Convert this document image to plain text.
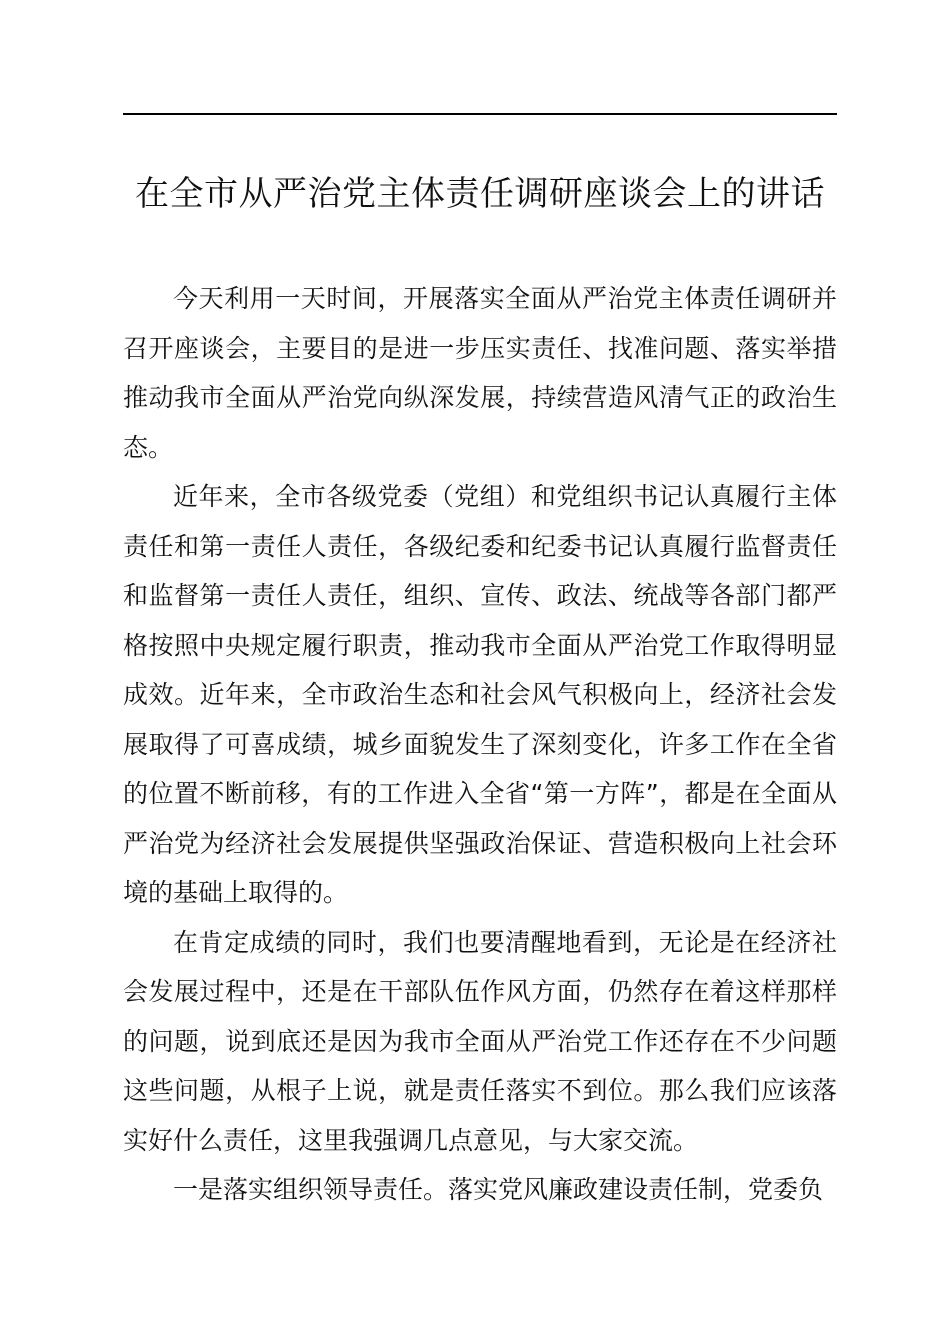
在全市从严治党主体责任调研座谈会上的讲话

今天利用一天时间，开展落实全面从严治党主体责任调研并召开座谈会，主要目的是进一步压实责任、找准问题、落实举措推动我市全面从严治党向纵深发展，持续营造风清气正的政治生态。

近年来，全市各级党委（党组）和党组织书记认真履行主体责任和第一责任人责任，各级纪委和纪委书记认真履行监督责任和监督第一责任人责任，组织、宣传、政法、统战等各部门都严格按照中央规定履行职责，推动我市全面从严治党工作取得明显成效。近年来，全市政治生态和社会风气积极向上，经济社会发展取得了可喜成绩，城乡面貌发生了深刻变化，许多工作在全省的位置不断前移，有的工作进入全省“第一方阵”，都是在全面从严治党为经济社会发展提供坚强政治保证、营造积极向上社会环境的基础上取得的。

在肯定成绩的同时，我们也要清醒地看到，无论是在经济社会发展过程中，还是在干部队伍作风方面，仍然存在着这样那样的问题，说到底还是因为我市全面从严治党工作还存在不少问题这些问题，从根子上说，就是责任落实不到位。那么我们应该落实好什么责任，这里我强调几点意见，与大家交流。

一是落实组织领导责任。落实党风廉政建设责任制，党委负
